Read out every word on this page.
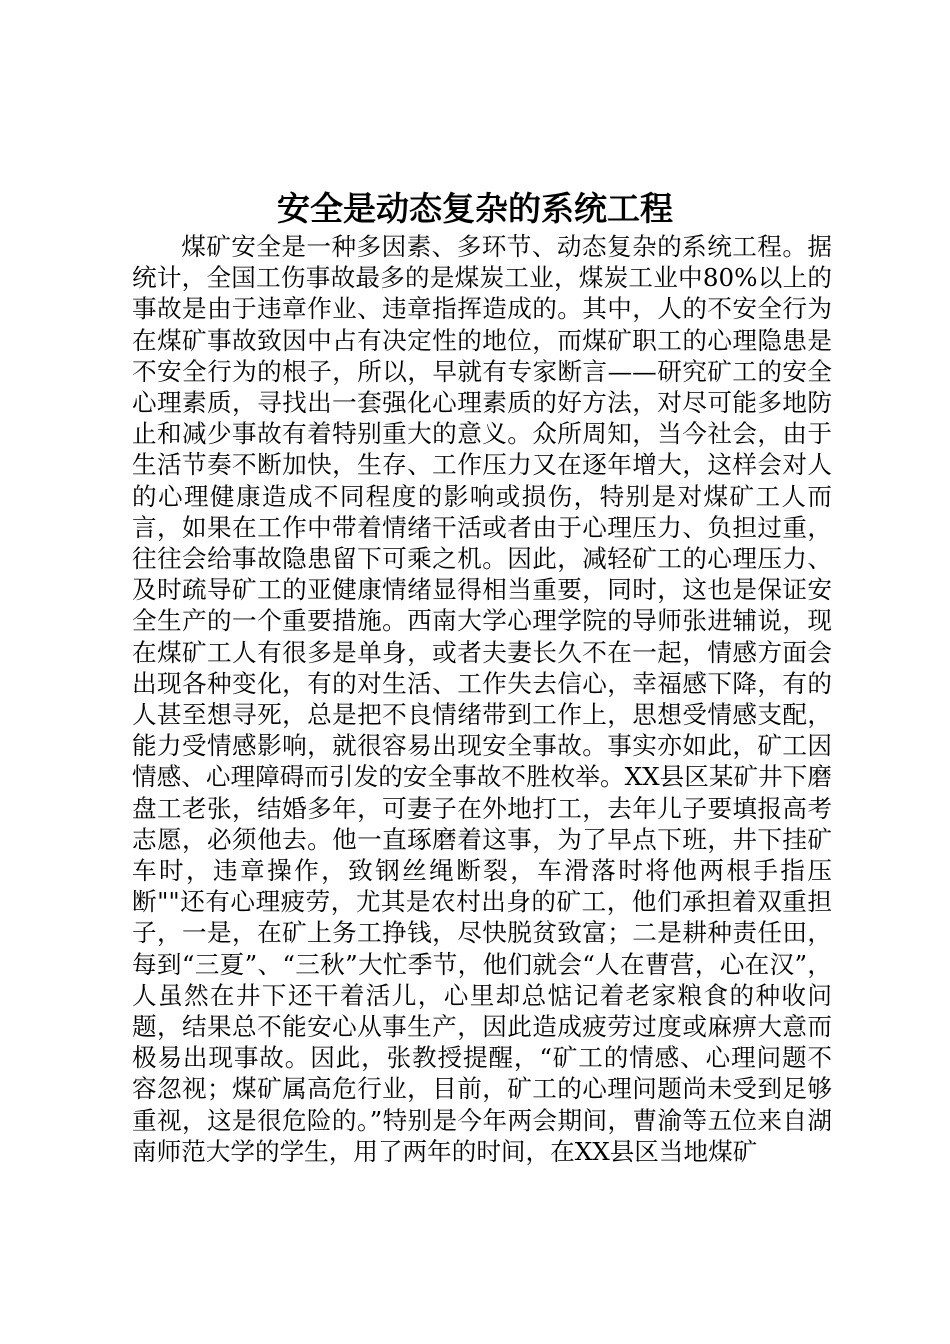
安全是动态复杂的系统工程

煤矿安全是一种多因素、多环节、动态复杂的系统工程。据统计，全国工伤事故最多的是煤炭工业，煤炭工业中80%以上的事故是由于违章作业、违章指挥造成的。其中，人的不安全行为在煤矿事故致因中占有决定性的地位，而煤矿职工的心理隐患是不安全行为的根子，所以，早就有专家断言——研究矿工的安全心理素质，寻找出一套强化心理素质的好方法，对尽可能多地防止和减少事故有着特别重大的意义。众所周知，当今社会，由于生活节奏不断加快，生存、工作压力又在逐年增大，这样会对人的心理健康造成不同程度的影响或损伤，特别是对煤矿工人而言，如果在工作中带着情绪干活或者由于心理压力、负担过重，往往会给事故隐患留下可乘之机。因此，减轻矿工的心理压力、及时疏导矿工的亚健康情绪显得相当重要，同时，这也是保证安全生产的一个重要措施。西南大学心理学院的导师张进辅说，现在煤矿工人有很多是单身，或者夫妻长久不在一起，情感方面会出现各种变化，有的对生活、工作失去信心，幸福感下降，有的人甚至想寻死，总是把不良情绪带到工作上，思想受情感支配，能力受情感影响，就很容易出现安全事故。事实亦如此，矿工因情感、心理障碍而引发的安全事故不胜枚举。XX县区某矿井下磨盘工老张，结婚多年，可妻子在外地打工，去年儿子要填报高考志愿，必须他去。他一直琢磨着这事，为了早点下班，井下挂矿车时，违章操作，致钢丝绳断裂，车滑落时将他两根手指压断""还有心理疲劳，尤其是农村出身的矿工，他们承担着双重担子，一是，在矿上务工挣钱，尽快脱贫致富；二是耕种责任田，每到“三夏”、“三秋”大忙季节，他们就会“人在曹营，心在汉”，人虽然在井下还干着活儿，心里却总惦记着老家粮食的种收问题，结果总不能安心从事生产，因此造成疲劳过度或麻痹大意而极易出现事故。因此，张教授提醒，“矿工的情感、心理问题不容忽视；煤矿属高危行业，目前，矿工的心理问题尚未受到足够重视，这是很危险的。”特别是今年两会期间，曹渝等五位来自湖南师范大学的学生，用了两年的时间，在XX县区当地煤矿
